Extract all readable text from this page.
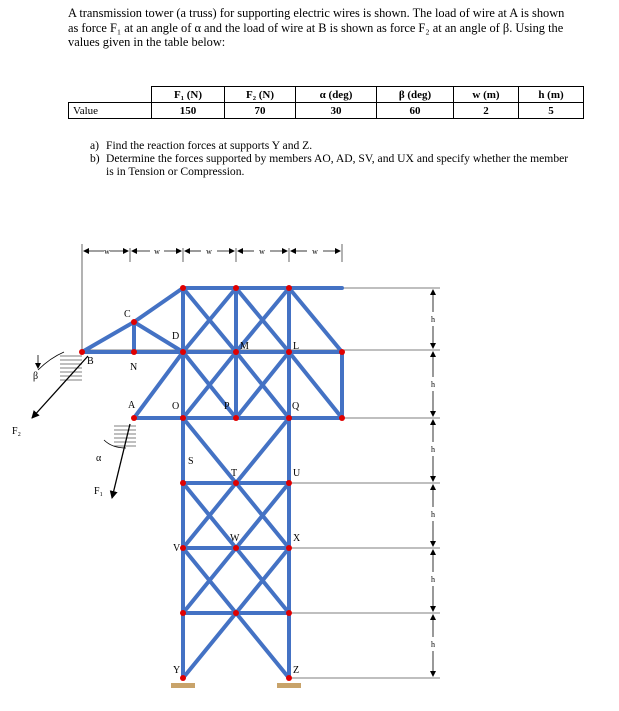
A transmission tower (a truss) for supporting electric wires is shown. The load of wire at A is shown as force F₁ at an angle of α and the load of wire at B is shown as force F₂ at an angle of β. Using the values given in the table below:
	F₁ (N)	F₂ (N)	α (deg)	β (deg)	w (m)	h (m)
Value	150	70	30	60	2	5
a) Find the reaction forces at supports Y and Z.
b) Determine the forces supported by members AO, AD, SV, and UX and specify whether the member is in Tension or Compression.
w	w	w	w	w
h
h
h
h
h
h
C
D
B
N
A	O
M	L
P	Q
S
T	U
W	X
V
Y	Z
F₂
F₁
β
α
